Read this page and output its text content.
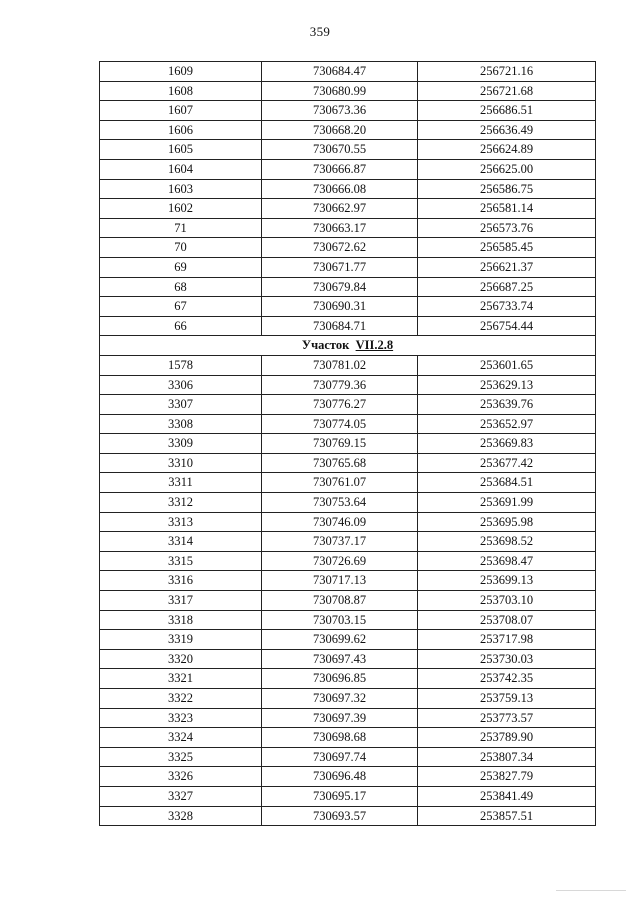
359
1609	730684.47	256721.16
1608	730680.99	256721.68
1607	730673.36	256686.51
1606	730668.20	256636.49
1605	730670.55	256624.89
1604	730666.87	256625.00
1603	730666.08	256586.75
1602	730662.97	256581.14
71	730663.17	256573.76
70	730672.62	256585.45
69	730671.77	256621.37
68	730679.84	256687.25
67	730690.31	256733.74
66	730684.71	256754.44
Участок VII.2.8		
1578	730781.02	253601.65
3306	730779.36	253629.13
3307	730776.27	253639.76
3308	730774.05	253652.97
3309	730769.15	253669.83
3310	730765.68	253677.42
3311	730761.07	253684.51
3312	730753.64	253691.99
3313	730746.09	253695.98
3314	730737.17	253698.52
3315	730726.69	253698.47
3316	730717.13	253699.13
3317	730708.87	253703.10
3318	730703.15	253708.07
3319	730699.62	253717.98
3320	730697.43	253730.03
3321	730696.85	253742.35
3322	730697.32	253759.13
3323	730697.39	253773.57
3324	730698.68	253789.90
3325	730697.74	253807.34
3326	730696.48	253827.79
3327	730695.17	253841.49
3328	730693.57	253857.51
